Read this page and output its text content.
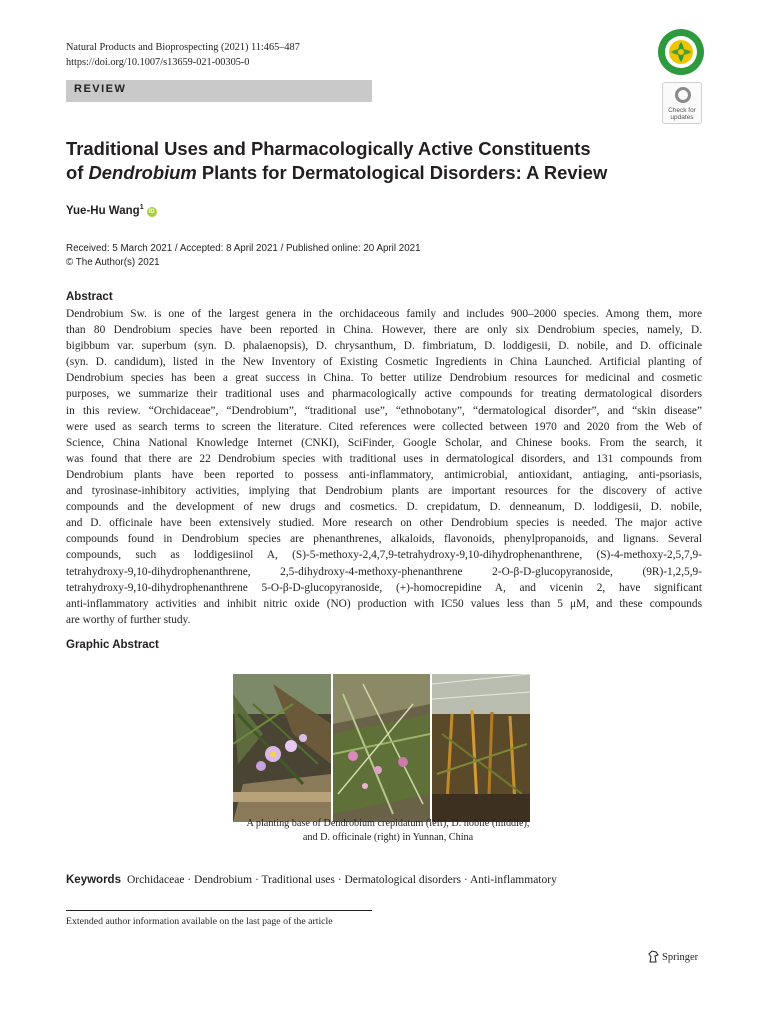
Natural Products and Bioprospecting (2021) 11:465–487
https://doi.org/10.1007/s13659-021-00305-0
REVIEW
Check for updates
Traditional Uses and Pharmacologically Active Constituents
of Dendrobium Plants for Dermatological Disorders: A Review
Yue-Hu Wang$^1$iD
Received: 5 March 2021 / Accepted: 8 April 2021 / Published online: 20 April 2021
© The Author(s) 2021
Abstract
Dendrobium Sw. is one of the largest genera in the orchidaceous family and includes 900–2000 species. Among them, more
than 80 Dendrobium species have been reported in China. However, there are only six Dendrobium species, namely, D.
bigibbum var. superbum (syn. D. phalaenopsis), D. chrysanthum, D. fimbriatum, D. loddigesii, D. nobile, and D. officinale
(syn. D. candidum), listed in the New Inventory of Existing Cosmetic Ingredients in China Launched. Artificial planting of
Dendrobium species has been a great success in China. To better utilize Dendrobium resources for medicinal and cosmetic
purposes, we summarize their traditional uses and pharmacologically active compounds for treating dermatological disorders
in this review. “Orchidaceae”, “Dendrobium”, “traditional use”, “ethnobotany”, “dermatological disorder”, and “skin disease”
were used as search terms to screen the literature. Cited references were collected between 1970 and 2020 from the Web of
Science, China National Knowledge Internet (CNKI), SciFinder, Google Scholar, and Chinese books. From the search, it
was found that there are 22 Dendrobium species with traditional uses in dermatological disorders, and 131 compounds from
Dendrobium plants have been reported to possess anti-inflammatory, antimicrobial, antioxidant, antiaging, anti-psoriasis,
and tyrosinase-inhibitory activities, implying that Dendrobium plants are important resources for the discovery of active
compounds and the development of new drugs and cosmetics. D. crepidatum, D. denneanum, D. loddigesii, D. nobile,
and D. officinale have been extensively studied. More research on other Dendrobium species is needed. The major active
compounds found in Dendrobium species are phenanthrenes, alkaloids, flavonoids, phenylpropanoids, and lignans. Several
compounds, such as loddigesiinol A, (S)-5-methoxy-2,4,7,9-tetrahydroxy-9,10-dihydrophenanthrene, (S)-4-methoxy-2,5,7,9-
tetrahydroxy-9,10-dihydrophenanthrene, 2,5-dihydroxy-4-methoxy-phenanthrene 2-O-β-D-glucopyranoside, (9R)-1,2,5,9-
tetrahydroxy-9,10-dihydrophenanthrene 5-O-β-D-glucopyranoside, (+)-homocrepidine A, and vicenin 2, have significant
anti-inflammatory activities and inhibit nitric oxide (NO) production with IC50 values less than 5 μM, and these compounds
are worthy of further study.
Graphic Abstract
A planting base of Dendrobium crepidatum (left), D. nobile (middle),
and D. officinale (right) in Yunnan, China
Keywords Orchidaceae · Dendrobium · Traditional uses · Dermatological disorders · Anti-inflammatory
Extended author information available on the last page of the article
Springer
